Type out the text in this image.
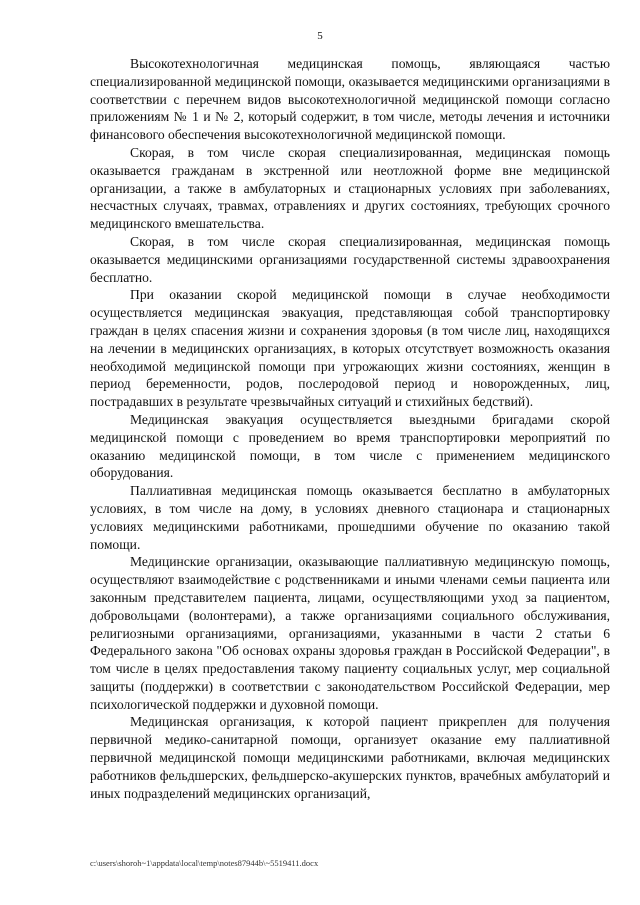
5

Высокотехнологичная медицинская помощь, являющаяся частью специализированной медицинской помощи, оказывается медицинскими организациями в соответствии с перечнем видов высокотехнологичной медицинской помощи согласно приложениям № 1 и № 2, который содержит, в том числе, методы лечения и источники финансового обеспечения высокотехнологичной медицинской помощи.

Скорая, в том числе скорая специализированная, медицинская помощь оказывается гражданам в экстренной или неотложной форме вне медицинской организации, а также в амбулаторных и стационарных условиях при заболеваниях, несчастных случаях, травмах, отравлениях и других состояниях, требующих срочного медицинского вмешательства.

Скорая, в том числе скорая специализированная, медицинская помощь оказывается медицинскими организациями государственной системы здравоохранения бесплатно.

При оказании скорой медицинской помощи в случае необходимости осуществляется медицинская эвакуация, представляющая собой транспортировку граждан в целях спасения жизни и сохранения здоровья (в том числе лиц, находящихся на лечении в медицинских организациях, в которых отсутствует возможность оказания необходимой медицинской помощи при угрожающих жизни состояниях, женщин в период беременности, родов, послеродовой период и новорожденных, лиц, пострадавших в результате чрезвычайных ситуаций и стихийных бедствий).

Медицинская эвакуация осуществляется выездными бригадами скорой медицинской помощи с проведением во время транспортировки мероприятий по оказанию медицинской помощи, в том числе с применением медицинского оборудования.

Паллиативная медицинская помощь оказывается бесплатно в амбулаторных условиях, в том числе на дому, в условиях дневного стационара и стационарных условиях медицинскими работниками, прошедшими обучение по оказанию такой помощи.

Медицинские организации, оказывающие паллиативную медицинскую помощь, осуществляют взаимодействие с родственниками и иными членами семьи пациента или законным представителем пациента, лицами, осуществляющими уход за пациентом, добровольцами (волонтерами), а также организациями социального обслуживания, религиозными организациями, организациями, указанными в части 2 статьи 6 Федерального закона "Об основах охраны здоровья граждан в Российской Федерации", в том числе в целях предоставления такому пациенту социальных услуг, мер социальной защиты (поддержки) в соответствии с законодательством Российской Федерации, мер психологической поддержки и духовной помощи.

Медицинская организация, к которой пациент прикреплен для получения первичной медико-санитарной помощи, организует оказание ему паллиативной первичной медицинской помощи медицинскими работниками, включая медицинских работников фельдшерских, фельдшерско-акушерских пунктов, врачебных амбулаторий и иных подразделений медицинских организаций,

c:\users\shoroh~1\appdata\local\temp\notes87944b\~5519411.docx
